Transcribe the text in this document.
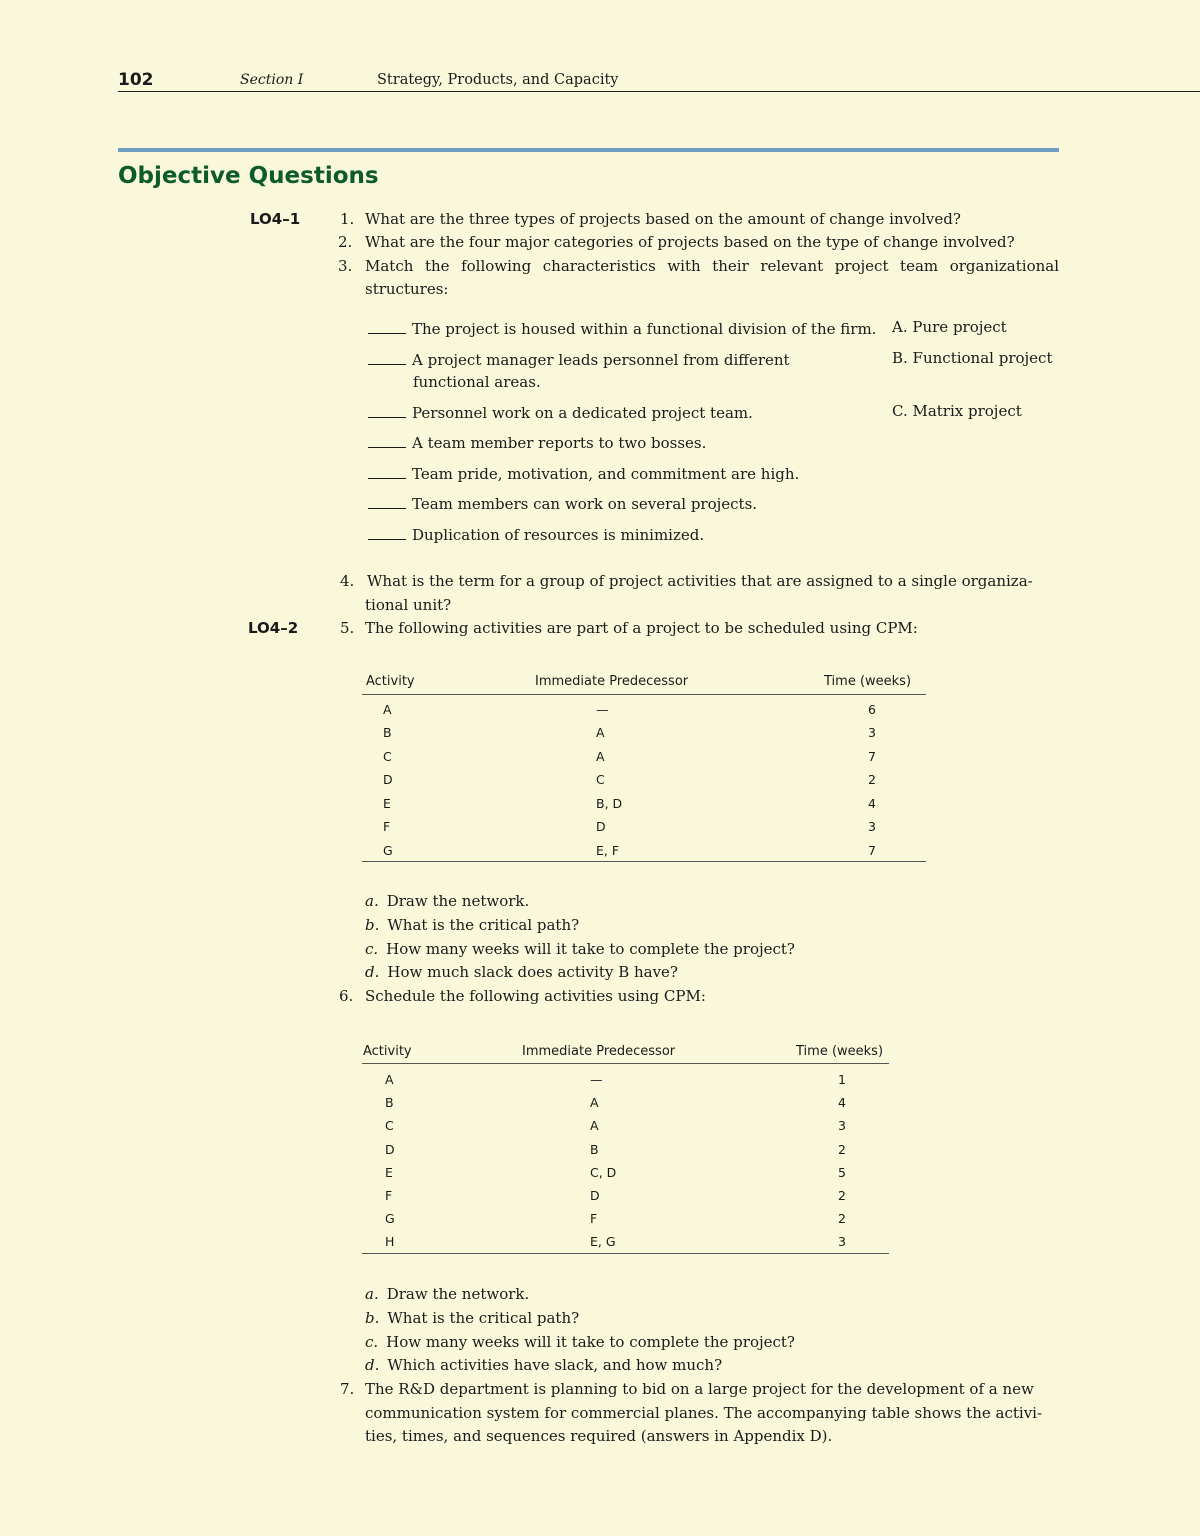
102	Section I	Strategy, Products, and Capacity
Objective Questions
LO4–1
LO4–2
1. What are the three types of projects based on the amount of change involved?
2. What are the four major categories of projects based on the type of change involved?
3. Match the following characteristics with their relevant project team organizational structures:
The project is housed within a functional division of the firm.
A project manager leads personnel from different
functional areas.
Personnel work on a dedicated project team.
A team member reports to two bosses.
Team pride, motivation, and commitment are high.
Team members can work on several projects.
Duplication of resources is minimized.
A. Pure project
B. Functional project
C. Matrix project
4. What is the term for a group of project activities that are assigned to a single organiza-
tional unit?
5. The following activities are part of a project to be scheduled using CPM:
Activity	Immediate Predecessor	Time (weeks)
A	—	6
B	A	3
C	A	7
D	C	2
E	B, D	4
F	D	3
G	E, F	7
a. Draw the network.
b. What is the critical path?
c. How many weeks will it take to complete the project?
d. How much slack does activity B have?
6. Schedule the following activities using CPM:
Activity	Immediate Predecessor	Time (weeks)
A	—	1
B	A	4
C	A	3
D	B	2
E	C, D	5
F	D	2
G	F	2
H	E, G	3
a. Draw the network.
b. What is the critical path?
c. How many weeks will it take to complete the project?
d. Which activities have slack, and how much?
7. The R&D department is planning to bid on a large project for the development of a new
communication system for commercial planes. The accompanying table shows the activi-
ties, times, and sequences required (answers in Appendix D).
